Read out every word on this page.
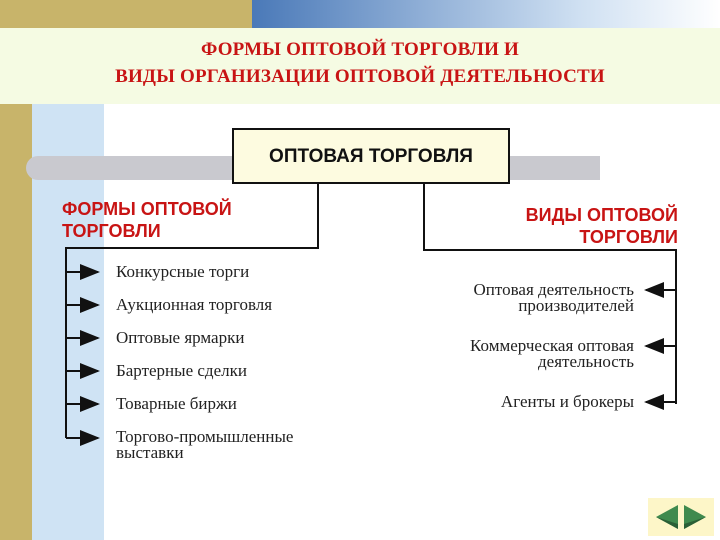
ФОРМЫ ОПТОВОЙ ТОРГОВЛИ И
ВИДЫ ОРГАНИЗАЦИИ ОПТОВОЙ ДЕЯТЕЛЬНОСТИ
ОПТОВАЯ ТОРГОВЛЯ
ФОРМЫ ОПТОВОЙ
ТОРГОВЛИ
ВИДЫ ОПТОВОЙ
ТОРГОВЛИ
Конкурсные торги
Аукционная торговля
Оптовые ярмарки
Бартерные сделки
Товарные биржи
Торгово-промышленные
выставки
Оптовая деятельность
производителей
Коммерческая оптовая
деятельность
Агенты и брокеры
